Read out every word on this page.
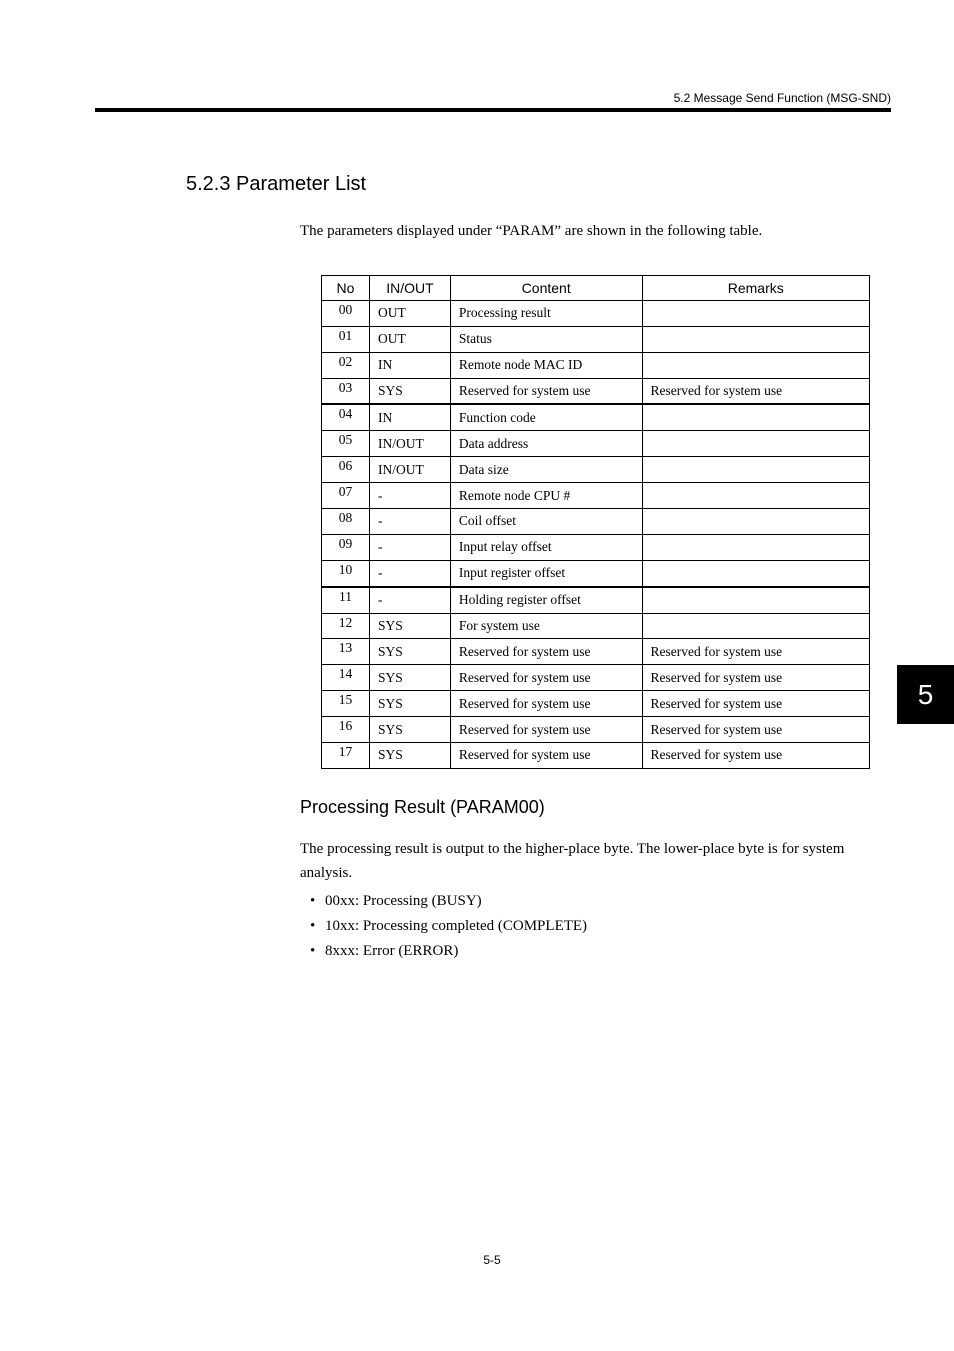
5.2 Message Send Function (MSG-SND)
5.2.3 Parameter List

The parameters displayed under “PARAM” are shown in the following table.

No	IN/OUT	Content	Remarks
00	OUT	Processing result	
01	OUT	Status	
02	IN	Remote node MAC ID	
03	SYS	Reserved for system use	Reserved for system use
04	IN	Function code	
05	IN/OUT	Data address	
06	IN/OUT	Data size	
07	-	Remote node CPU #	
08	-	Coil offset	
09	-	Input relay offset	
10	-	Input register offset	
11	-	Holding register offset	
12	SYS	For system use	
13	SYS	Reserved for system use	Reserved for system use
14	SYS	Reserved for system use	Reserved for system use
15	SYS	Reserved for system use	Reserved for system use
16	SYS	Reserved for system use	Reserved for system use
17	SYS	Reserved for system use	Reserved for system use
Processing Result (PARAM00)

The processing result is output to the higher-place byte. The lower-place byte is for system analysis.

• 00xx: Processing (BUSY)
• 10xx: Processing completed (COMPLETE)
• 8xxx: Error (ERROR)
5
5-5
